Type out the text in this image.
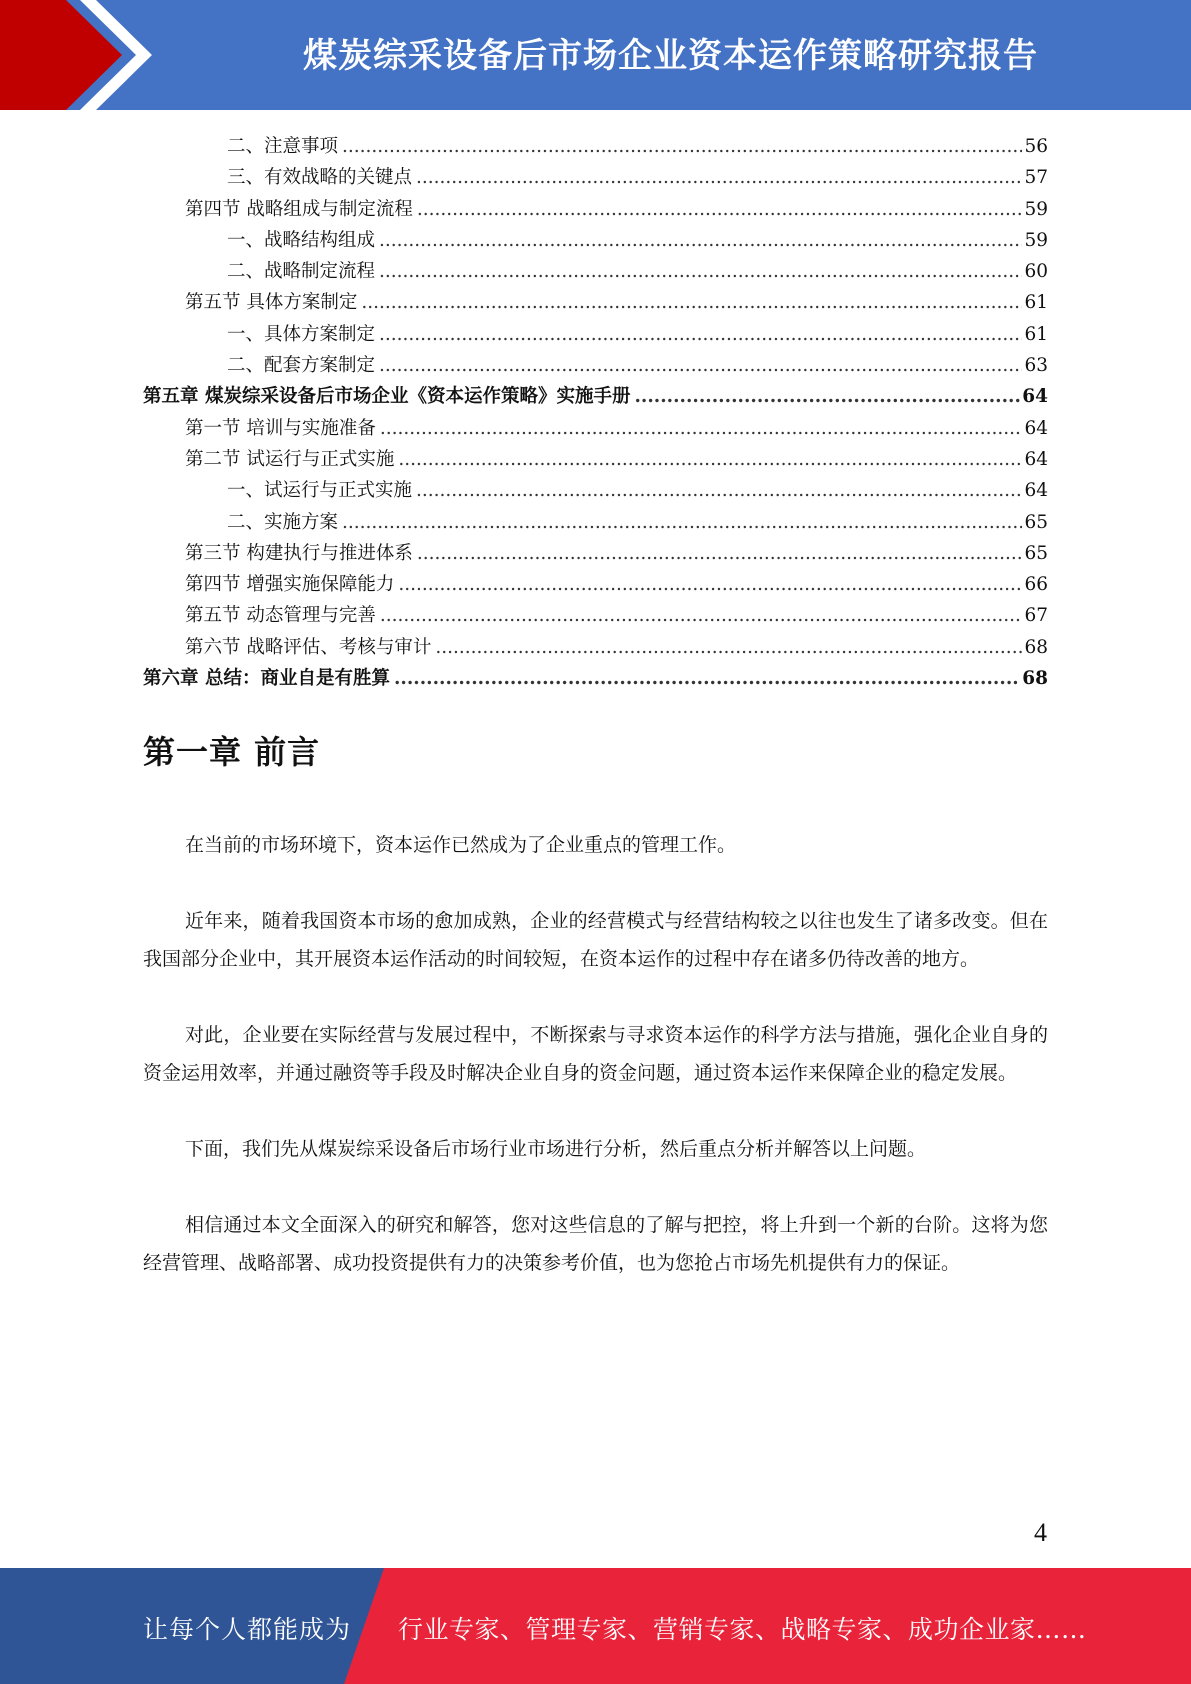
煤炭综采设备后市场企业资本运作策略研究报告
二、注意事项 .....	56
三、有效战略的关键点 .....	57
第四节 战略组成与制定流程 .....	59
一、战略结构组成 .....	59
二、战略制定流程 .....	60
第五节 具体方案制定 .....	61
一、具体方案制定 .....	61
二、配套方案制定 .....	63
第五章 煤炭综采设备后市场企业《资本运作策略》实施手册 .....	64
第一节 培训与实施准备 .....	64
第二节 试运行与正式实施 .....	64
一、试运行与正式实施 .....	64
二、实施方案 .....	65
第三节 构建执行与推进体系 .....	65
第四节 增强实施保障能力 .....	66
第五节 动态管理与完善 .....	67
第六节 战略评估、考核与审计 .....	68
第六章 总结：商业自是有胜算 .....	68
第一章 前言

在当前的市场环境下，资本运作已然成为了企业重点的管理工作。

近年来，随着我国资本市场的愈加成熟，企业的经营模式与经营结构较之以往也发生了诸多改变。但在我国部分企业中，其开展资本运作活动的时间较短，在资本运作的过程中存在诸多仍待改善的地方。

对此，企业要在实际经营与发展过程中，不断探索与寻求资本运作的科学方法与措施，强化企业自身的资金运用效率，并通过融资等手段及时解决企业自身的资金问题，通过资本运作来保障企业的稳定发展。

下面，我们先从煤炭综采设备后市场行业市场进行分析，然后重点分析并解答以上问题。

相信通过本文全面深入的研究和解答，您对这些信息的了解与把控，将上升到一个新的台阶。这将为您经营管理、战略部署、成功投资提供有力的决策参考价值，也为您抢占市场先机提供有力的保证。

4
让每个人都能成为 行业专家、管理专家、营销专家、战略专家、成功企业家……
